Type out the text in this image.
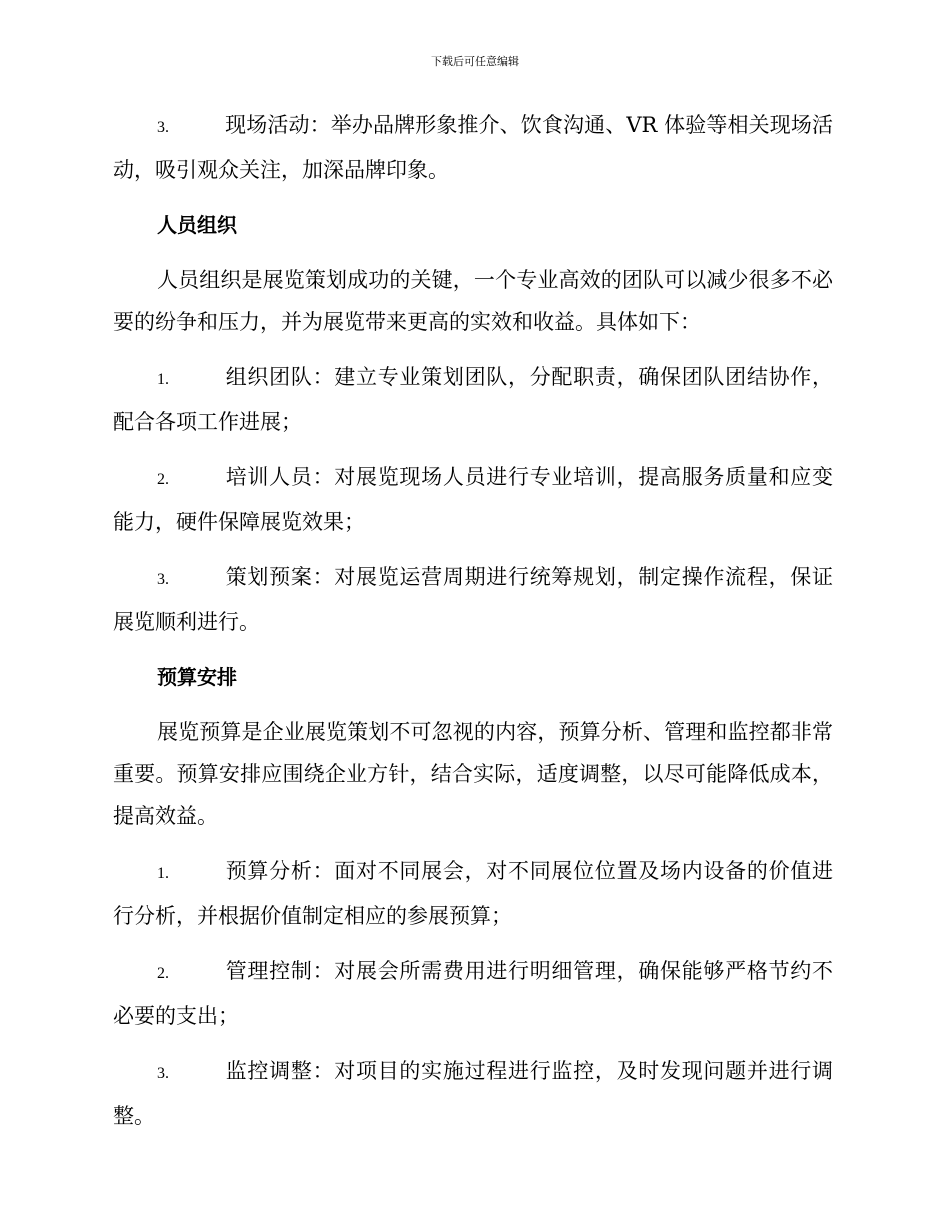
下载后可任意编辑
3.	现场活动：举办品牌形象推介、饮食沟通、VR 体验等相关现场活动，吸引观众关注，加深品牌印象。
人员组织
人员组织是展览策划成功的关键，一个专业高效的团队可以减少很多不必要的纷争和压力，并为展览带来更高的实效和收益。具体如下：
1.	组织团队：建立专业策划团队，分配职责，确保团队团结协作，配合各项工作进展；
2.	培训人员：对展览现场人员进行专业培训，提高服务质量和应变能力，硬件保障展览效果；
3.	策划预案：对展览运营周期进行统筹规划，制定操作流程，保证展览顺利进行。
预算安排
展览预算是企业展览策划不可忽视的内容，预算分析、管理和监控都非常重要。预算安排应围绕企业方针，结合实际，适度调整，以尽可能降低成本，提高效益。
1.	预算分析：面对不同展会，对不同展位位置及场内设备的价值进行分析，并根据价值制定相应的参展预算；
2.	管理控制：对展会所需费用进行明细管理，确保能够严格节约不必要的支出；
3.	监控调整：对项目的实施过程进行监控，及时发现问题并进行调整。
